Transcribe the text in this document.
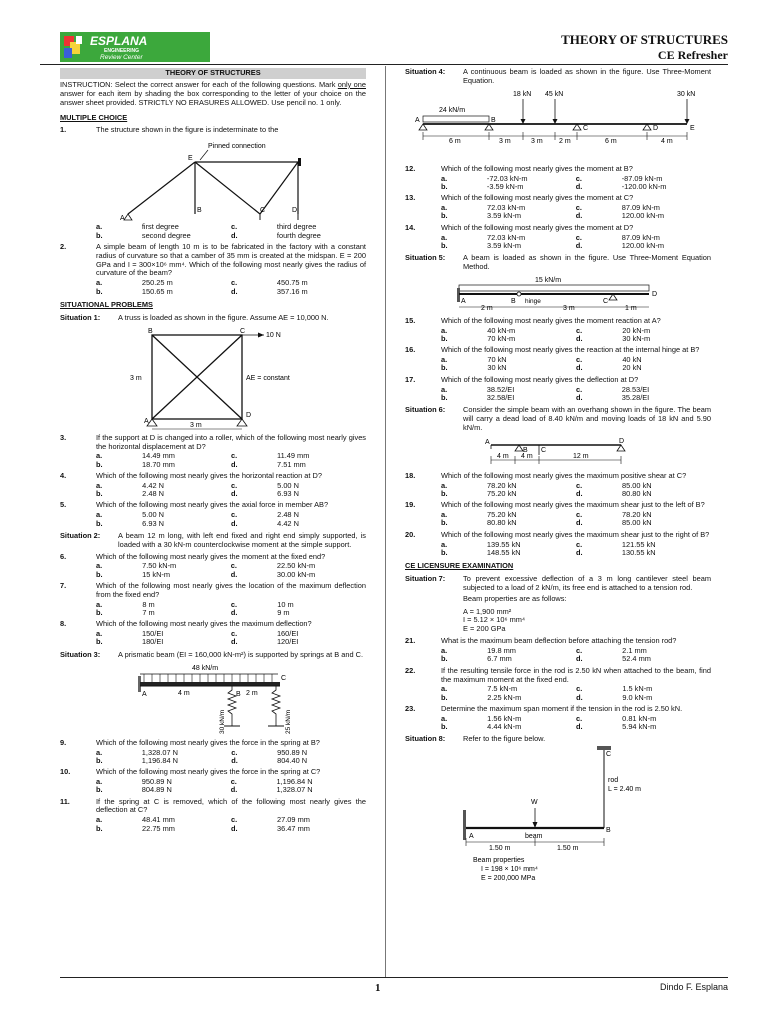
ESPLANA
ENGINEERING
Review Center
THEORY OF STRUCTURES
CE Refresher
THEORY OF STRUCTURES
INSTRUCTION: Select the correct answer for each of the following questions. Mark only one answer for each item by shading the box corresponding to the letter of your choice on the answer sheet provided. STRICTLY NO ERASURES ALLOWED. Use pencil no. 1 only.
MULTIPLE CHOICE
1.	The structure shown in the figure is indeterminate to the
Pinned connection
E
A
B	C	D
a.	first degree	c.	third degree
b.	second degree	d.	fourth degree
2.	A simple beam of length 10 m is to be fabricated in the factory with a constant radius of curvature so that a camber of 35 mm is created at the midspan. E = 200 GPa and I = 300×10⁶ mm⁴. Which of the following most nearly gives the radius of curvature of the beam?
a.	250.25 m	c.	450.75 m
b.	150.65 m	d.	357.16 m
SITUATIONAL PROBLEMS
Situation 1: A truss is loaded as shown in the figure. Assume AE = 10,000 N.
B	C
A
D
10 N
3 m
3 m
AE = constant
3.	If the support at D is changed into a roller, which of the following most nearly gives the horizontal displacement at D?
a.	14.49 mm	c.	11.49 mm
b.	18.70 mm	d.	7.51 mm
4.	Which of the following most nearly gives the horizontal reaction at D?
a.	4.42 N	c.	5.00 N
b.	2.48 N	d.	6.93 N
5.	Which of the following most nearly gives the axial force in member AB?
a.	5.00 N	c.	2.48 N
b.	6.93 N	d.	4.42 N
Situation 2: A beam 12 m long, with left end fixed and right end simply supported, is loaded with a 30 kN-m counterclockwise moment at the simple support.
6.	Which of the following most nearly gives the moment at the fixed end?
a.	7.50 kN-m	c.	22.50 kN-m
b.	15 kN-m	d.	30.00 kN-m
7.	Which of the following most nearly gives the location of the maximum deflection from the fixed end?
a.	8 m	c.	10 m
b.	7 m	d.	9 m
8.	Which of the following most nearly gives the maximum deflection?
a.	150/EI	c.	160/EI
b.	180/EI	d.	120/EI
Situation 3: A prismatic beam (EI = 160,000 kN-m²) is supported by springs at B and C.
48 kN/m
A	B
C
4 m	2 m
30 kN/m	25 kN/m
9.	Which of the following most nearly gives the force in the spring at B?
a.	1,328.07 N	c.	950.89 N
b.	1,196.84 N	d.	804.40 N
10.	Which of the following most nearly gives the force in the spring at C?
a.	950.89 N	c.	1,196.84 N
b.	804.89 N	d.	1,328.07 N
11.	If the spring at C is removed, which of the following most nearly gives the deflection at C?
a.	48.41 mm	c.	27.09 mm
b.	22.75 mm	d.	36.47 mm
Situation 4: A continuous beam is loaded as shown in the figure. Use Three-Moment Equation.
18 kN 45 kN	30 kN
24 kN/m
A	B
C	D	E
6 m	3 m	3 m 2 m	6 m	4 m
12.	Which of the following most nearly gives the moment at B?
a.	-72.03 kN-m	c.	-87.09 kN-m
b.	-3.59 kN-m	d.	-120.00 kN-m
13.	Which of the following most nearly gives the moment at C?
a.	72.03 kN-m	c.	87.09 kN-m
b.	3.59 kN-m	d.	120.00 kN-m
14.	Which of the following most nearly gives the moment at D?
a.	72.03 kN-m	c.	87.09 kN-m
b.	3.59 kN-m	d.	120.00 kN-m
Situation 5: A beam is loaded as shown in the figure. Use Three-Moment Equation Method.
15 kN/m
A	B hinge	C
D
2 m	3 m	1 m
15.	Which of the following most nearly gives the moment reaction at A?
a.	40 kN-m	c.	20 kN-m
b.	70 kN-m	d.	30 kN-m
16.	Which of the following most nearly gives the reaction at the internal hinge at B?
a.	70 kN	c.	40 kN
b.	30 kN	d.	20 kN
17.	Which of the following most nearly gives the deflection at D?
a.	38.52/EI	c.	28.53/EI
b.	32.58/EI	d.	35.28/EI
Situation 6: Consider the simple beam with an overhang shown in the figure. The beam will carry a dead load of 8.40 kN/m and moving loads of 18 kN and 5.90 kN/m.
A
B C
D
4 m 4 m	12 m
18.	Which of the following most nearly gives the maximum positive shear at C?
a.	78.20 kN	c.	85.00 kN
b.	75.20 kN	d.	80.80 kN
19.	Which of the following most nearly gives the maximum shear just to the left of B?
a.	75.20 kN	c.	78.20 kN
b.	80.80 kN	d.	85.00 kN
20.	Which of the following most nearly gives the maximum shear just to the right of B?
a.	139.55 kN	c.	121.55 kN
b.	148.55 kN	d.	130.55 kN
CE LICENSURE EXAMINATION
Situation 7: To prevent excessive deflection of a 3 m long cantilever steel beam subjected to a load of 2 kN/m, its free end is attached to a tension rod.
Beam properties are as follows:
A = 1,900 mm²
I = 5.12 × 10⁶ mm⁴
E = 200 GPa
21.	What is the maximum beam deflection before attaching the tension rod?
a.	19.8 mm	c.	2.1 mm
b.	6.7 mm	d.	52.4 mm
22.	If the resulting tensile force in the rod is 2.50 kN when attached to the beam, find the maximum moment at the fixed end.
a.	7.5 kN-m	c.	1.5 kN-m
b.	2.25 kN-m	d.	9.0 kN-m
23.	Determine the maximum span moment if the tension in the rod is 2.50 kN.
a.	1.56 kN-m	c.	0.81 kN-m
b.	4.44 kN-m	d.	5.94 kN-m
Situation 8: Refer to the figure below.
C
W
rod
L = 2.40 m
A
B
beam
1.50 m	1.50 m
Beam properties
I = 198 × 10⁶ mm⁴
E = 200,000 MPa
1	Dindo F. Esplana
